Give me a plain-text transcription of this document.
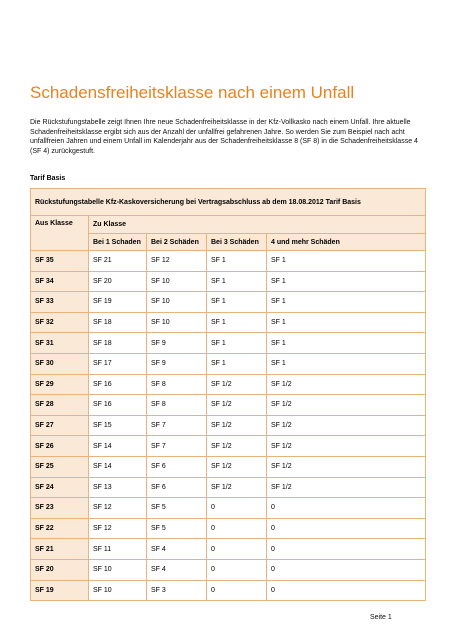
Schadensfreiheitsklasse nach einem Unfall
Die Rückstufungstabelle zeigt Ihnen Ihre neue Schadenfreiheitsklasse in der Kfz-Vollkasko nach einem Unfall. Ihre aktuelle Schadenfreiheitsklasse ergibt sich aus der Anzahl der unfallfrei gefahrenen Jahre. So werden Sie zum Beispiel nach acht unfallfreien Jahren und einem Unfall im Kalenderjahr aus der Schadenfreiheitsklasse 8 (SF 8) in die Schadenfreiheitsklasse 4 (SF 4) zurückgestuft.
Tarif Basis
Rückstufungstabelle Kfz-Kaskoversicherung bei Vertragsabschluss ab dem 18.08.2012 Tarif Basis				
Aus Klasse	Zu Klasse			
	Bei 1 Schaden	Bei 2 Schäden	Bei 3 Schäden	4 und mehr Schäden
SF 35	SF 21	SF 12	SF 1	SF 1
SF 34	SF 20	SF 10	SF 1	SF 1
SF 33	SF 19	SF 10	SF 1	SF 1
SF 32	SF 18	SF 10	SF 1	SF 1
SF 31	SF 18	SF 9	SF 1	SF 1
SF 30	SF 17	SF 9	SF 1	SF 1
SF 29	SF 16	SF 8	SF 1/2	SF 1/2
SF 28	SF 16	SF 8	SF 1/2	SF 1/2
SF 27	SF 15	SF 7	SF 1/2	SF 1/2
SF 26	SF 14	SF 7	SF 1/2	SF 1/2
SF 25	SF 14	SF 6	SF 1/2	SF 1/2
SF 24	SF 13	SF 6	SF 1/2	SF 1/2
SF 23	SF 12	SF 5	0	0
SF 22	SF 12	SF 5	0	0
SF 21	SF 11	SF 4	0	0
SF 20	SF 10	SF 4	0	0
SF 19	SF 10	SF 3	0	0
Seite 1
